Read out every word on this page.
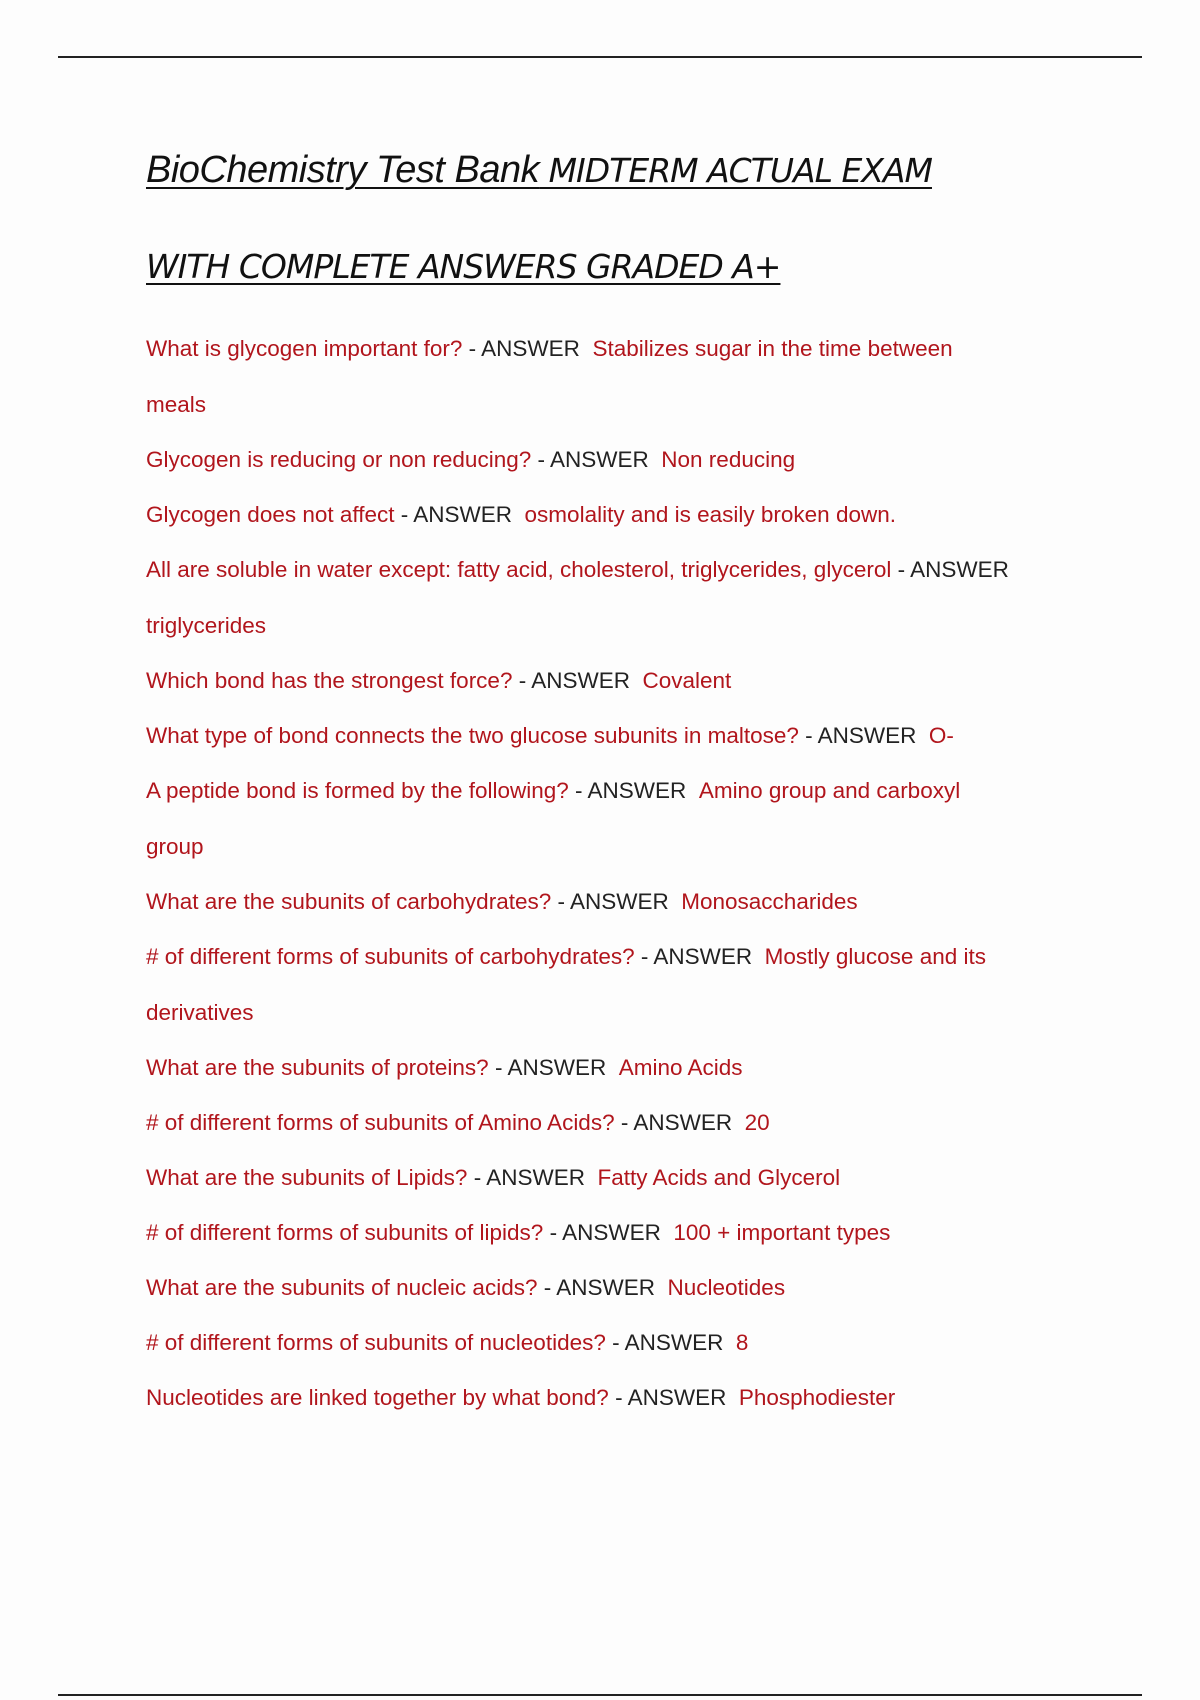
BioChemistry Test Bank MIDTERM ACTUAL EXAM

WITH COMPLETE ANSWERS GRADED A+

What is glycogen important for? - ANSWER Stabilizes sugar in the time between
meals

Glycogen is reducing or non reducing? - ANSWER Non reducing

Glycogen does not affect - ANSWER osmolality and is easily broken down.

All are soluble in water except: fatty acid, cholesterol, triglycerides, glycerol - ANSWER
triglycerides

Which bond has the strongest force? - ANSWER Covalent

What type of bond connects the two glucose subunits in maltose? - ANSWER O-

A peptide bond is formed by the following? - ANSWER Amino group and carboxyl
group

What are the subunits of carbohydrates? - ANSWER Monosaccharides

# of different forms of subunits of carbohydrates? - ANSWER Mostly glucose and its
derivatives

What are the subunits of proteins? - ANSWER Amino Acids

# of different forms of subunits of Amino Acids? - ANSWER 20

What are the subunits of Lipids? - ANSWER Fatty Acids and Glycerol

# of different forms of subunits of lipids? - ANSWER 100 + important types

What are the subunits of nucleic acids? - ANSWER Nucleotides

# of different forms of subunits of nucleotides? - ANSWER 8

Nucleotides are linked together by what bond? - ANSWER Phosphodiester
